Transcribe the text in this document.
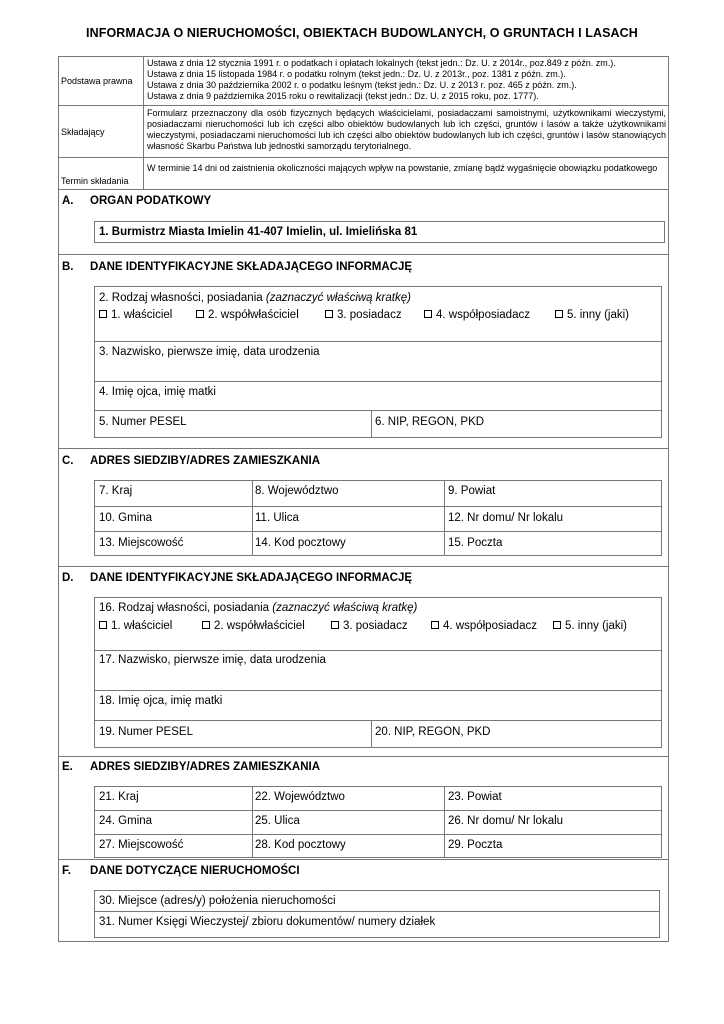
INFORMACJA O NIERUCHOMOŚCI, OBIEKTACH BUDOWLANYCH, O GRUNTACH I LASACH
Podstawa prawna
Ustawa z dnia 12 stycznia 1991 r. o podatkach i opłatach lokalnych (tekst jedn.: Dz. U. z 2014r., poz.849 z późn. zm.).
Ustawa z dnia 15 listopada 1984 r. o podatku rolnym (tekst jedn.: Dz. U. z 2013r., poz. 1381 z późn. zm.).
Ustawa z dnia 30 października 2002 r. o podatku leśnym (tekst jedn.: Dz. U. z 2013 r. poz. 465 z późn. zm.).
Ustawa z dnia 9 października 2015 roku o rewitalizacji (tekst jedn.: Dz. U. z 2015 roku, poz. 1777).
Składający
Formularz przeznaczony dla osób fizycznych będących właścicielami, posiadaczami samoistnymi, użytkownikami wieczystymi, posiadaczami nieruchomości lub ich części albo obiektów budowlanych lub ich części, gruntów i lasów a także użytkownikami wieczystymi, posiadaczami nieruchomości lub ich części albo obiektów budowlanych lub ich części, gruntów i lasów stanowiących własność Skarbu Państwa lub jednostki samorządu terytorialnego.
Termin składania
W terminie 14 dni od zaistnienia okoliczności mających wpływ na powstanie, zmianę bądź wygaśnięcie obowiązku podatkowego
A.	ORGAN PODATKOWY
1. Burmistrz Miasta Imielin 41-407 Imielin, ul. Imielińska 81
B.	DANE IDENTYFIKACYJNE SKŁADAJĄCEGO INFORMACJĘ
2. Rodzaj własności, posiadania (zaznaczyć właściwą kratkę)
1. właściciel	2. współwłaściciel	3. posiadacz	4. współposiadacz	5. inny (jaki)
3. Nazwisko, pierwsze imię, data urodzenia
4. Imię ojca, imię matki
5. Numer PESEL	6. NIP, REGON, PKD
C.	ADRES SIEDZIBY/ADRES ZAMIESZKANIA
7. Kraj	8. Województwo	9. Powiat
10. Gmina	11. Ulica	12. Nr domu/ Nr lokalu
13. Miejscowość	14. Kod pocztowy	15. Poczta
D.	DANE IDENTYFIKACYJNE SKŁADAJĄCEGO INFORMACJĘ
16. Rodzaj własności, posiadania (zaznaczyć właściwą kratkę)
1. właściciel	2. współwłaściciel	3. posiadacz	4. współposiadacz	5. inny (jaki)
17. Nazwisko, pierwsze imię, data urodzenia
18. Imię ojca, imię matki
19. Numer PESEL	20. NIP, REGON, PKD
E.	ADRES SIEDZIBY/ADRES ZAMIESZKANIA
21. Kraj	22. Województwo	23. Powiat
24. Gmina	25. Ulica	26. Nr domu/ Nr lokalu
27. Miejscowość	28. Kod pocztowy	29. Poczta
F.	DANE DOTYCZĄCE NIERUCHOMOŚCI
30. Miejsce (adres/y) położenia nieruchomości
31. Numer Księgi Wieczystej/ zbioru dokumentów/ numery działek
